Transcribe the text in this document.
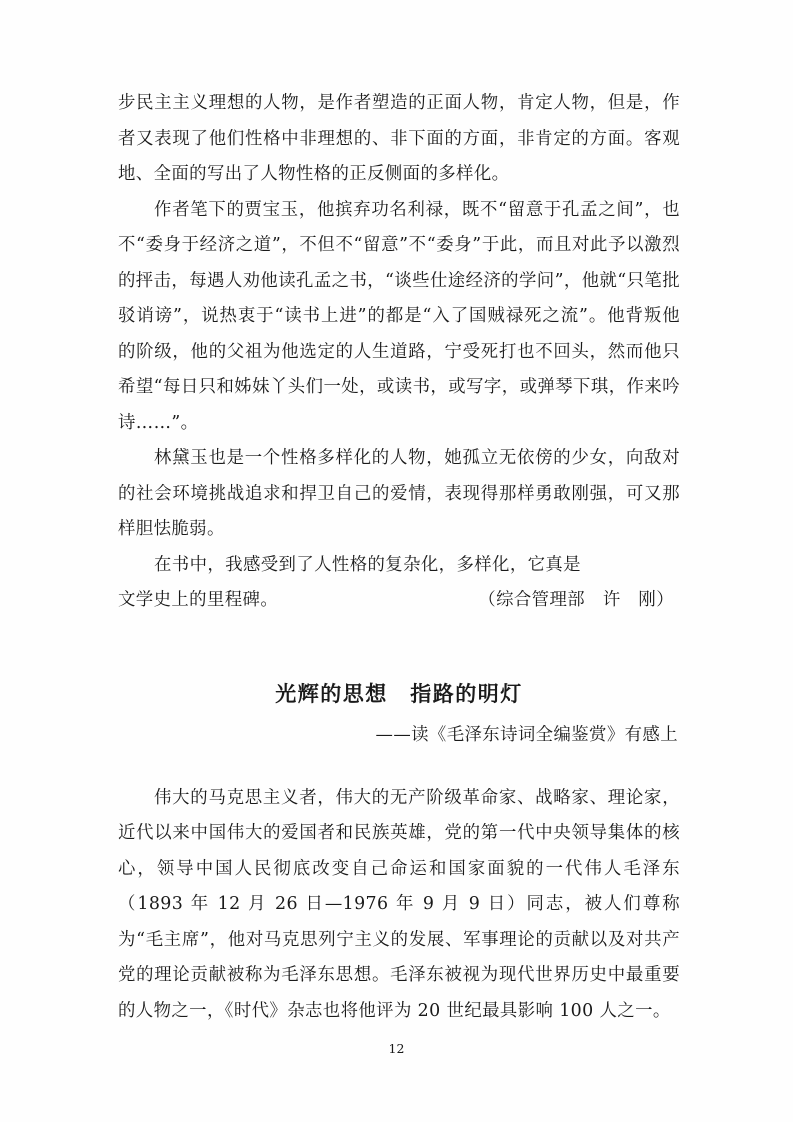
步民主主义理想的人物，是作者塑造的正面人物，肯定人物，但是，作者又表现了他们性格中非理想的、非下面的方面，非肯定的方面。客观地、全面的写出了人物性格的正反侧面的多样化。

作者笔下的贾宝玉，他摈弃功名利禄，既不“留意于孔孟之间”，也不“委身于经济之道”，不但不“留意”不“委身”于此，而且对此予以激烈的抨击，每遇人劝他读孔孟之书，“谈些仕途经济的学问”，他就“只笔批驳诮谤”，说热衷于“读书上进”的都是“入了国贼禄死之流”。他背叛他的阶级，他的父祖为他选定的人生道路，宁受死打也不回头，然而他只希望“每日只和姊妹丫头们一处，或读书，或写字，或弹琴下琪，作来吟诗……”。

林黛玉也是一个性格多样化的人物，她孤立无依傍的少女，向敌对的社会环境挑战追求和捍卫自己的爱情，表现得那样勇敢刚强，可又那样胆怯脆弱。

在书中，我感受到了人性格的复杂化，多样化，它真是

文学史上的里程碑。	（综合管理部　许　刚）
光辉的思想　指路的明灯

——读《毛泽东诗词全编鉴赏》有感上

伟大的马克思主义者，伟大的无产阶级革命家、战略家、理论家，近代以来中国伟大的爱国者和民族英雄，党的第一代中央领导集体的核心，领导中国人民彻底改变自己命运和国家面貌的一代伟人毛泽东（1893 年 12 月 26 日—1976 年 9 月 9 日）同志，被人们尊称为“毛主席”，他对马克思列宁主义的发展、军事理论的贡献以及对共产党的理论贡献被称为毛泽东思想。毛泽东被视为现代世界历史中最重要的人物之一，《时代》杂志也将他评为 20 世纪最具影响 100 人之一。

12
